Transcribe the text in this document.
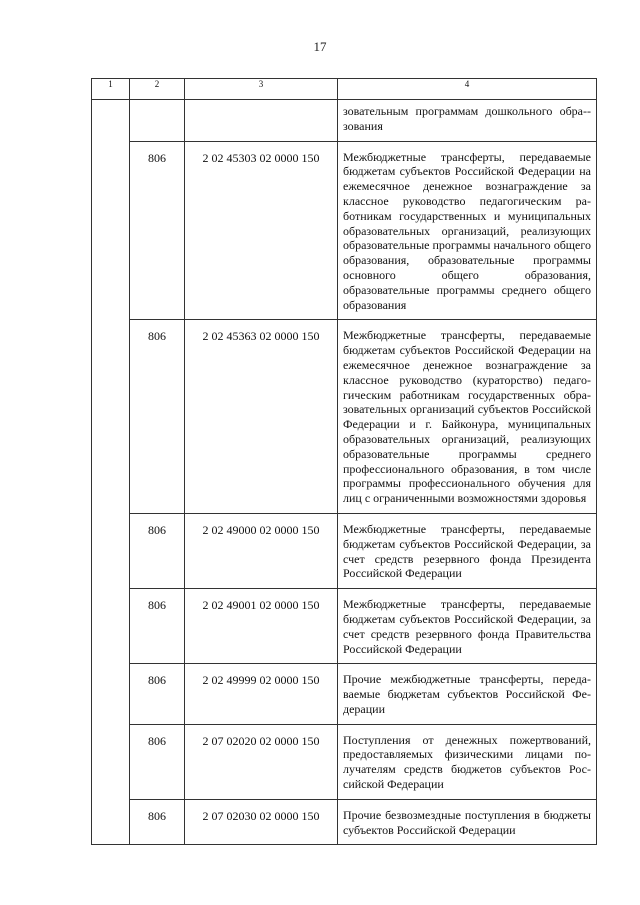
17
1	2	3	4
			зовательным программам дошкольного обра-зования
	806	2 02 45303 02 0000 150	Межбюджетные трансферты, передаваемые бюджетам субъектов Российской Федерации на ежемесячное денежное вознаграждение за классное руководство педагогическим работникам государственных и муниципальных образовательных организаций, реализующих образовательные программы начального общего образования, образовательные программы основного общего образования, образовательные программы среднего общего образования
	806	2 02 45363 02 0000 150	Межбюджетные трансферты, передаваемые бюджетам субъектов Российской Федерации на ежемесячное денежное вознаграждение за классное руководство (кураторство) педагогическим работникам государственных образовательных организаций субъектов Российской Федерации и г. Байконура, муниципальных образовательных организаций, реализующих образовательные программы среднего профессионального образования, в том числе программы профессионального обучения для лиц с ограниченными возможностями здоровья
	806	2 02 49000 02 0000 150	Межбюджетные трансферты, передаваемые бюджетам субъектов Российской Федерации, за счет средств резервного фонда Президента Российской Федерации
	806	2 02 49001 02 0000 150	Межбюджетные трансферты, передаваемые бюджетам субъектов Российской Федерации, за счет средств резервного фонда Правительства Российской Федерации
	806	2 02 49999 02 0000 150	Прочие межбюджетные трансферты, передаваемые бюджетам субъектов Российской Федерации
	806	2 07 02020 02 0000 150	Поступления от денежных пожертвований, предоставляемых физическими лицами получателям средств бюджетов субъектов Российской Федерации
	806	2 07 02030 02 0000 150	Прочие безвозмездные поступления в бюджеты субъектов Российской Федерации
